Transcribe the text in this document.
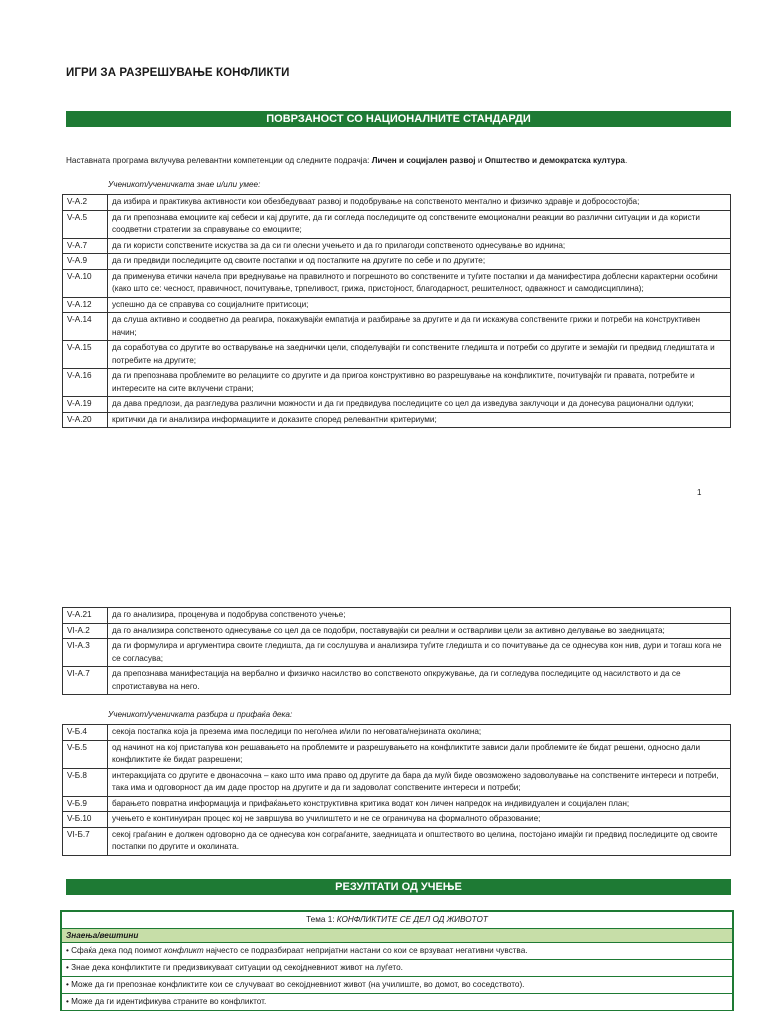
ИГРИ ЗА РАЗРЕШУВАЊЕ КОНФЛИКТИ
ПОВРЗАНОСТ СО НАЦИОНАЛНИТЕ СТАНДАРДИ
Наставната програма вклучува релевантни компетенции од следните подрачја: Личен и социјален развој и Општество и демократска култура.
Ученикот/ученичката знае и/или умее:
V-A.2	да избира и практикува активности кои обезбедуваат развој и подобрување на сопственото ментално и физичко здравје и добросостојба;
V-A.5	да ги препознава емоциите кај себеси и кај другите, да ги согледа последиците од сопствените емоционални реакции во различни ситуации и да користи соодветни стратегии за справување со емоциите;
V-A.7	да ги користи сопствените искуства за да си ги олесни учењето и да го прилагоди сопственото однесување во иднина;
V-A.9	да ги предвиди последиците од своите постапки и од постапките на другите по себе и по другите;
V-A.10	да применува етички начела при вреднување на правилното и погрешното во сопствените и туѓите постапки и да манифестира доблесни карактерни особини (како што се: чесност, правичност, почитување, трпеливост, грижа, пристојност, благодарност, решителност, одважност и самодисциплина);
V-A.12	успешно да се справува со социјалните притисоци;
V-A.14	да слуша активно и соодветно да реагира, покажувајќи емпатија и разбирање за другите и да ги искажува сопствените грижи и потреби на конструктивен начин;
V-A.15	да соработува со другите во остварување на заеднички цели, споделувајќи ги сопствените гледишта и потреби со другите и земајќи ги предвид гледиштата и потребите на другите;
V-A.16	да ги препознава проблемите во релациите со другите и да пригоа конструктивно во разрешување на конфликтите, почитувајќи ги правата, потребите и интересите на сите вклучени страни;
V-A.19	да дава предлози, да разгледува различни можности и да ги предвидува последиците со цел да изведува заклучоци и да донесува рационални одлуки;
V-A.20	критички да ги анализира информациите и доказите според релевантни критериуми;
1
V-A.21	да го анализира, проценува и подобрува сопственото учење;
VI-A.2	да го анализира сопственото однесување со цел да се подобри, поставувајќи си реални и остварливи цели за активно делување во заедницата;
VI-A.3	да ги формулира и аргументира своите гледишта, да ги сослушува и анализира туѓите гледишта и со почитување да се однесува кон нив, дури и тогаш кога не се согласува;
VI-A.7	да препознава манифестација на вербално и физичко насилство во сопственото опкружување, да ги согледува последиците од насилството и да се спротиставува на него.
Ученикот/ученичката разбира и прифаќа дека:
V-Б.4	секоја постапка која ја презема има последици по него/неа и/или по неговата/нејзината околина;
V-Б.5	од начинот на кој пристапува кон решавањето на проблемите и разрешувањето на конфликтите зависи дали проблемите ќе бидат решени, односно дали конфликтите ќе бидат разрешени;
V-Б.8	интеракцијата со другите е двонасочна – како што има право од другите да бара да му/ѝ биде овозможено задоволување на сопствените интереси и потреби, така има и одговорност да им даде простор на другите и да ги задоволат сопствените интереси и потреби;
V-Б.9	барањето повратна информација и прифаќањето конструктивна критика водат кон личен напредок на индивидуален и социјален план;
V-Б.10	учењето е континуиран процес кој не завршува во училиштето и не се ограничува на формалното образование;
VI-Б.7	секој граѓанин е должен одговорно да се однесува кон сограѓаните, заедницата и општеството во целина, постојано имајќи ги предвид последиците од своите постапки по другите и околината.
РЕЗУЛТАТИ ОД УЧЕЊЕ
Тема 1: КОНФЛИКТИТЕ СЕ ДЕЛ ОД ЖИВОТОТ
Знаења/вештини
• Сфаќа дека под поимот конфликт најчесто се подразбираат непријатни настани со кои се врзуваат негативни чувства.
• Знае дека конфликтите ги предизвикуваат ситуации од секојдневниот живот на луѓето.
• Може да ги препознае конфликтите кои се случуваат во секојдневниот живот (на училиште, во домот, во соседството).
• Може да ги идентификува страните во конфликтот.
